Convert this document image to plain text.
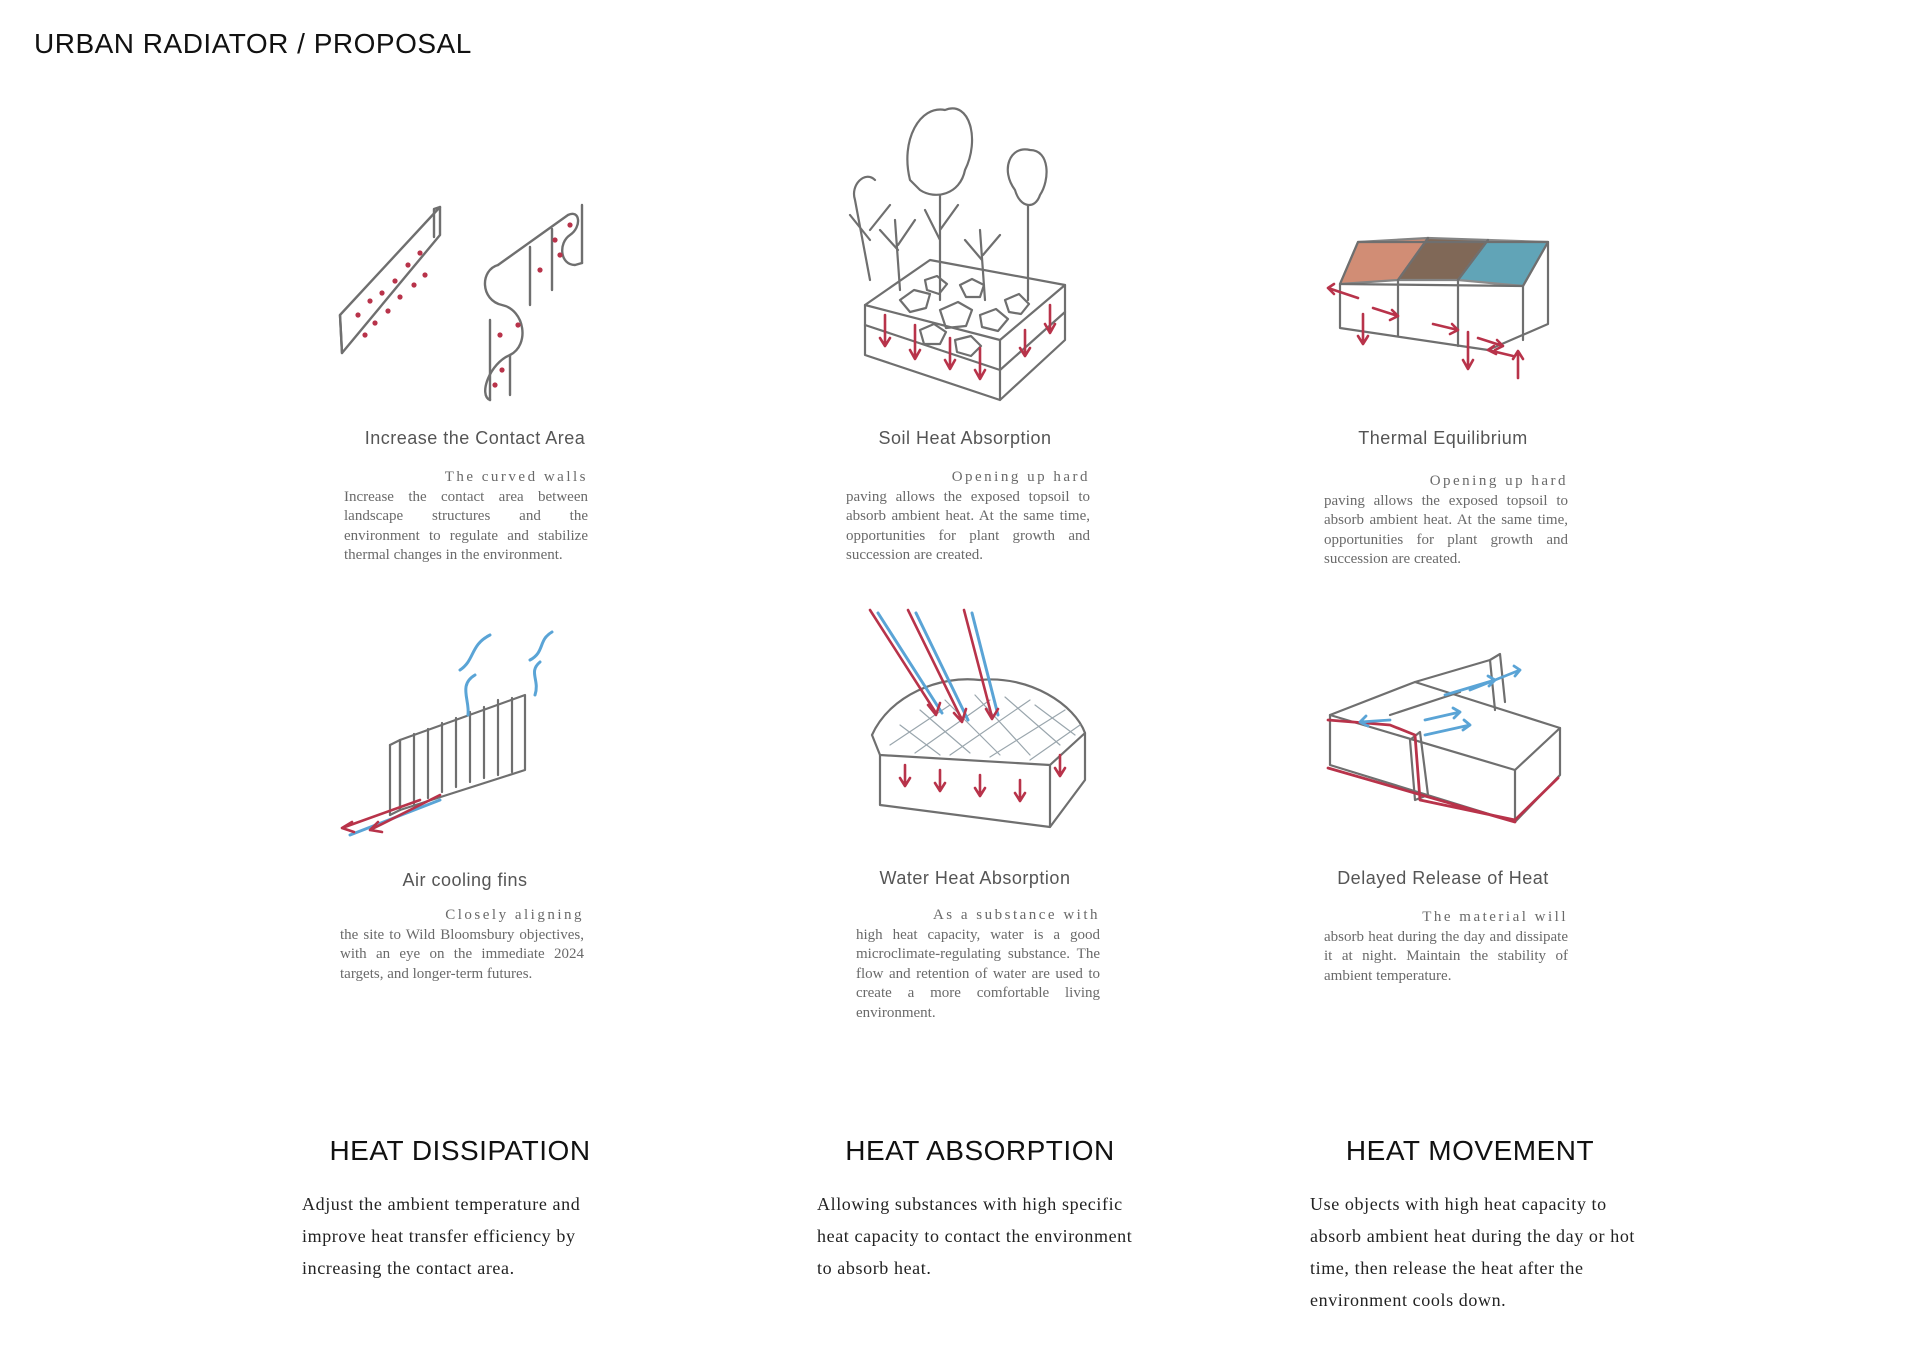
URBAN RADIATOR / PROPOSAL
Increase the Contact Area
The curved walls
Increase the contact area between landscape structures and the environment to regulate and stabilize thermal changes in the environment.
Soil Heat Absorption
Opening up hard
paving allows the exposed topsoil to absorb ambient heat. At the same time, opportunities for plant growth and succession are created.
Thermal Equilibrium
Opening up hard
paving allows the exposed topsoil to absorb ambient heat. At the same time, opportunities for plant growth and succession are created.
Air cooling fins
Closely aligning
the site to Wild Bloomsbury objectives, with an eye on the immediate 2024 targets, and longer-term futures.
Water Heat Absorption
As a substance with
high heat capacity, water is a good microclimate-regulating substance. The flow and retention of water are used to create a more comfortable living environment.
Delayed Release of Heat
The material will
absorb heat during the day and dissipate it at night. Maintain the stability of ambient temperature.
HEAT DISSIPATION
Adjust the ambient temperature and improve heat transfer efficiency by increasing the contact area.
HEAT ABSORPTION
Allowing substances with high specific heat capacity to contact the environment to absorb heat.
HEAT MOVEMENT
Use objects with high heat capacity to absorb ambient heat during the day or hot time, then release the heat after the environment cools down.
